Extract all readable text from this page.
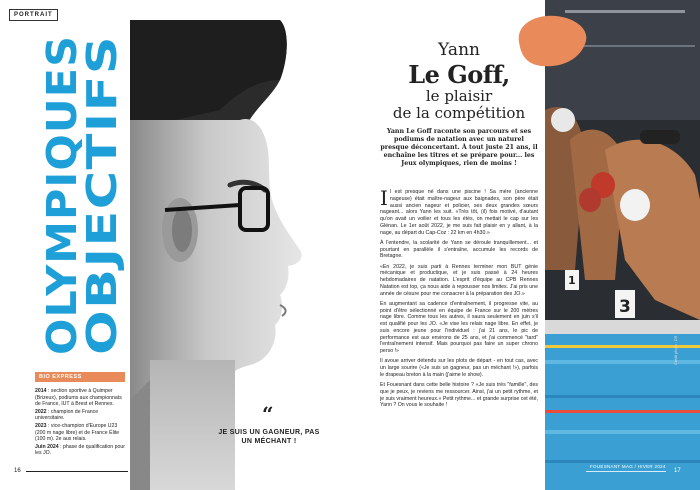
PORTRAIT
OBJECTIFS
OLYMPIQUES
BIO EXPRESS

2014 : section sportive à Quimper (Brizeux), podiums aux championnats de France, IUT à Brest et Rennes.

2022 : champion de France universitaire.

2023 : vice-champion d'Europe U23 (200 m nage libre) et de France Élite (100 m). 2e aux relais.

Juin 2024 : phase de qualification pour les JO.

16
“
JE SUIS UN GAGNEUR, PAS UN MÉCHANT !
Yann
Le Goff,
le plaisir
de la compétition
Yann Le Goff raconte son parcours et ses podiums de natation avec un naturel presque déconcertant. À tout juste 21 ans, il enchaîne les titres et se prépare pour... les Jeux olympiques, rien de moins !

Il est presque né dans une piscine ! Sa mère (ancienne nageuse) était maître-nageur aux baignades, son père était aussi ancien nageur et policier, ses deux grandes sœurs nageant... alors Yann les suit. «Très tôt, (il) fois motivé, d'autant qu'on avait un voilier et tous les étés, on mettait le cap sur les Glénan. Le 1er août 2022, je me suis fait plaisir en y allant, à la nage, au départ du Cap-Coz : 22 km en 4h30.»

À l'entendre, la scolarité de Yann se déroule tranquillement... et pourtant en parallèle il s'entraîne, accumule les records de Bretagne.

«En 2022, je suis parti à Rennes terminer mon BUT génie mécanique et productique, et je suis passé à 24 heures hebdomadaires de natation. L'esprit d'équipe au CPB Rennes Natation est top, ça nous aide à repousser nos limites. J'ai pris une année de césure pour me consacrer à la préparation des JO.»

En augmentant sa cadence d'entraînement, il progresse vite, au point d'être sélectionné en équipe de France sur le 200 mètres nage libre. Comme tous les autres, il saura seulement en juin s'il est qualifié pour les JO. «Je vise les relais nage libre. En effet, je suis encore jeune pour l'individuel : j'ai 21 ans, le pic de performance est aux environs de 25 ans, et j'ai commencé "tard" l'entraînement intensif. Mais pourquoi pas faire un super chrono perso !»

Il avoue arriver détendu sur les plots de départ - en tout cas, avec un large sourire («Je suis un gagneur, pas un méchant !»), parfois le drapeau breton à la main (j'aime le show).

Et Fouesnant dans cette belle histoire ? «Je suis très "famille", des que je peux, je reviens me ressourcer. Ainsi, j'ai un petit rythme, et je suis vraiment heureux.» Petit rythme... et grande surprise cet été, Yann ? On vous le souhaite !

1
3
Crédit photo : DR
FOUESNANT MAG / HIVER 2024
17
